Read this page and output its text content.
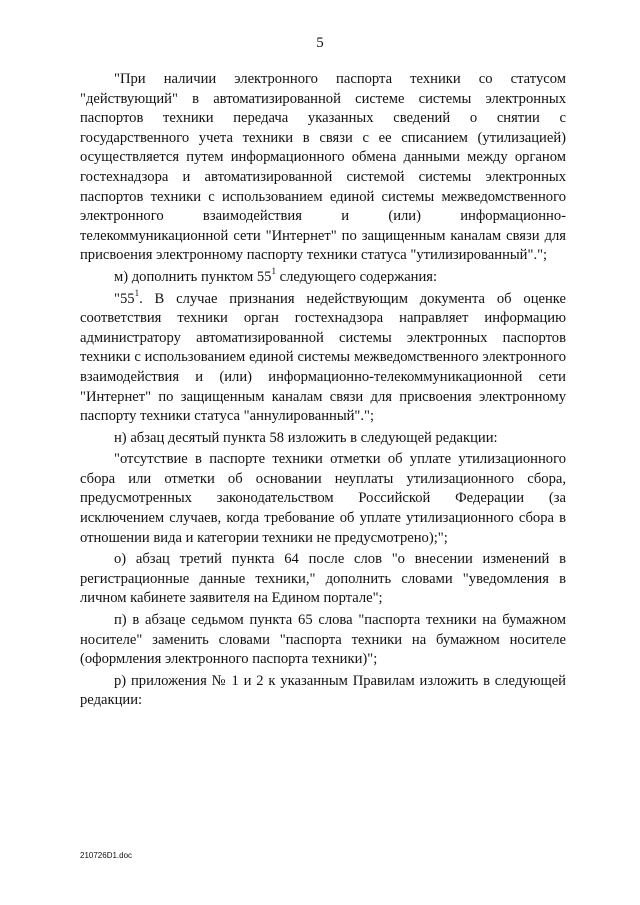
5

"При наличии электронного паспорта техники со статусом "действующий" в автоматизированной системе системы электронных паспортов техники передача указанных сведений о снятии с государственного учета техники в связи с ее списанием (утилизацией) осуществляется путем информационного обмена данными между органом гостехнадзора и автоматизированной системой системы электронных паспортов техники с использованием единой системы межведомственного электронного взаимодействия и (или) информационно-телекоммуникационной сети "Интернет" по защищенным каналам связи для присвоения электронному паспорту техники статуса "утилизированный".";

м) дополнить пунктом $55^1$ следующего содержания:

"$55^1$. В случае признания недействующим документа об оценке соответствия техники орган гостехнадзора направляет информацию администратору автоматизированной системы электронных паспортов техники с использованием единой системы межведомственного электронного взаимодействия и (или) информационно-телекоммуникационной сети "Интернет" по защищенным каналам связи для присвоения электронному паспорту техники статуса "аннулированный".";

н) абзац десятый пункта 58 изложить в следующей редакции:

"отсутствие в паспорте техники отметки об уплате утилизационного сбора или отметки об основании неуплаты утилизационного сбора, предусмотренных законодательством Российской Федерации (за исключением случаев, когда требование об уплате утилизационного сбора в отношении вида и категории техники не предусмотрено);";

о) абзац третий пункта 64 после слов "о внесении изменений в регистрационные данные техники," дополнить словами "уведомления в личном кабинете заявителя на Едином портале";

п) в абзаце седьмом пункта 65 слова "паспорта техники на бумажном носителе" заменить словами "паспорта техники на бумажном носителе (оформления электронного паспорта техники)";

р) приложения № 1 и 2 к указанным Правилам изложить в следующей редакции:

210726D1.doc
